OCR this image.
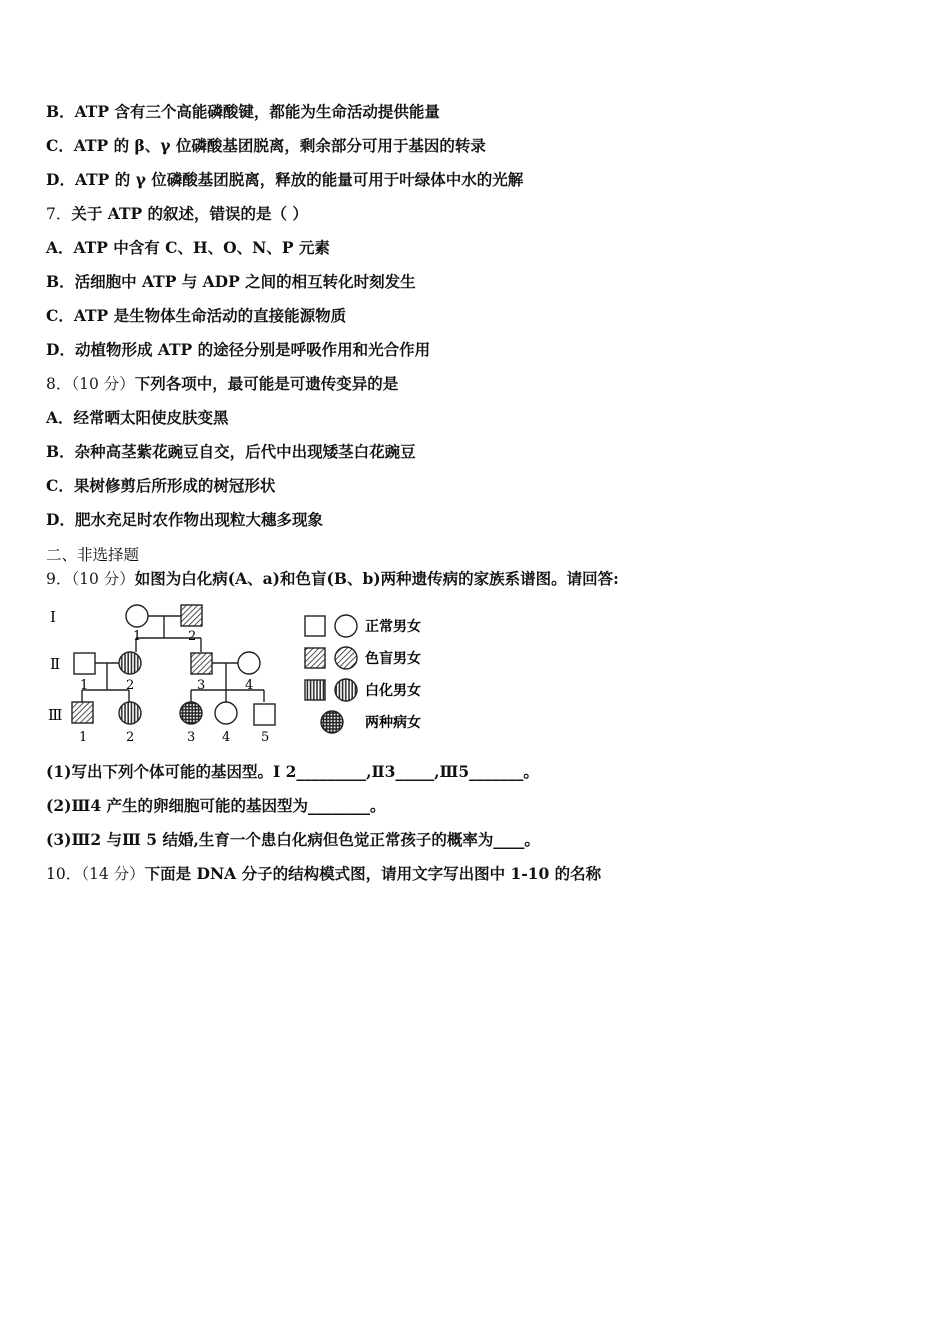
B．ATP 含有三个高能磷酸键，都能为生命活动提供能量
C．ATP 的 β、γ 位磷酸基团脱离，剩余部分可用于基因的转录
D．ATP 的 γ 位磷酸基团脱离，释放的能量可用于叶绿体中水的光解
7．关于 ATP 的叙述，错误的是（ ）
A．ATP 中含有 C、H、O、N、P 元素
B．活细胞中 ATP 与 ADP 之间的相互转化时刻发生
C．ATP 是生物体生命活动的直接能源物质
D．动植物形成 ATP 的途径分别是呼吸作用和光合作用
8．（10 分）下列各项中，最可能是可遗传变异的是
A．经常晒太阳使皮肤变黑
B．杂种高茎紫花豌豆自交，后代中出现矮茎白花豌豆
C．果树修剪后所形成的树冠形状
D．肥水充足时农作物出现粒大穗多现象
二、非选择题
9．（10 分）如图为白化病(A、a)和色盲(B、b)两种遗传病的家族系谱图。请回答:
Ⅰ
Ⅱ
Ⅲ
1	2
1	2	3	4
1	2	3 4 5
正常男女
色盲男女
白化男女
两种病女
(1)写出下列个体可能的基因型。Ⅰ 2_________,Ⅱ3_____,Ⅲ5_______。
(2)Ⅲ4 产生的卵细胞可能的基因型为________。
(3)Ⅲ2 与Ⅲ 5 结婚,生育一个患白化病但色觉正常孩子的概率为____。
10．（14 分）下面是 DNA 分子的结构模式图，请用文字写出图中 1-10 的名称
